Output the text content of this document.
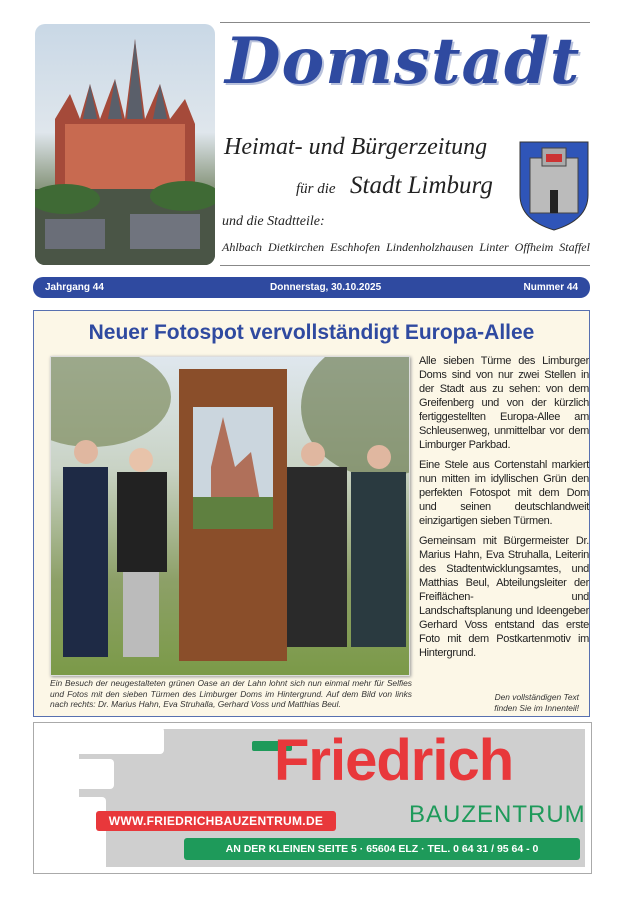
Domstadt
Heimat- und Bürgerzeitung
für die Stadt Limburg
und die Stadtteile:
Ahlbach Dietkirchen Eschhofen Lindenholzhausen Linter Offheim Staffel
Jahrgang 44	Donnerstag, 30.10.2025	Nummer 44
Neuer Fotospot vervollständigt Europa-Allee

Alle sieben Türme des Limburger Doms sind von nur zwei Stellen in der Stadt aus zu sehen: von dem Greifenberg und von der kürzlich fertiggestellten Europa-Allee am Schleusenweg, unmittelbar vor dem Limburger Parkbad.

Eine Stele aus Cortenstahl markiert nun mitten im idyllischen Grün den perfekten Fotospot mit dem Dom und seinen deutschlandweit einzigartigen sieben Türmen.

Gemeinsam mit Bürgermeister Dr. Marius Hahn, Eva Struhalla, Leiterin des Stadtentwicklungsamtes, und Matthias Beul, Abteilungsleiter der Freiflächen- und Landschaftsplanung und Ideengeber Gerhard Voss entstand das erste Foto mit dem Postkartenmotiv im Hintergrund.

Ein Besuch der neugestalteten grünen Oase an der Lahn lohnt sich nun einmal mehr für Selfies und Fotos mit den sieben Türmen des Limburger Doms im Hintergrund. Auf dem Bild von links nach rechts: Dr. Marius Hahn, Eva Struhalla, Gerhard Voss und Matthias Beul.
Den vollständigen Text
finden Sie im Innenteil!
Friedrich
BAUZENTRUM
WWW.FRIEDRICHBAUZENTRUM.DE
AN DER KLEINEN SEITE 5 · 65604 ELZ · TEL. 0 64 31 / 95 64 - 0
